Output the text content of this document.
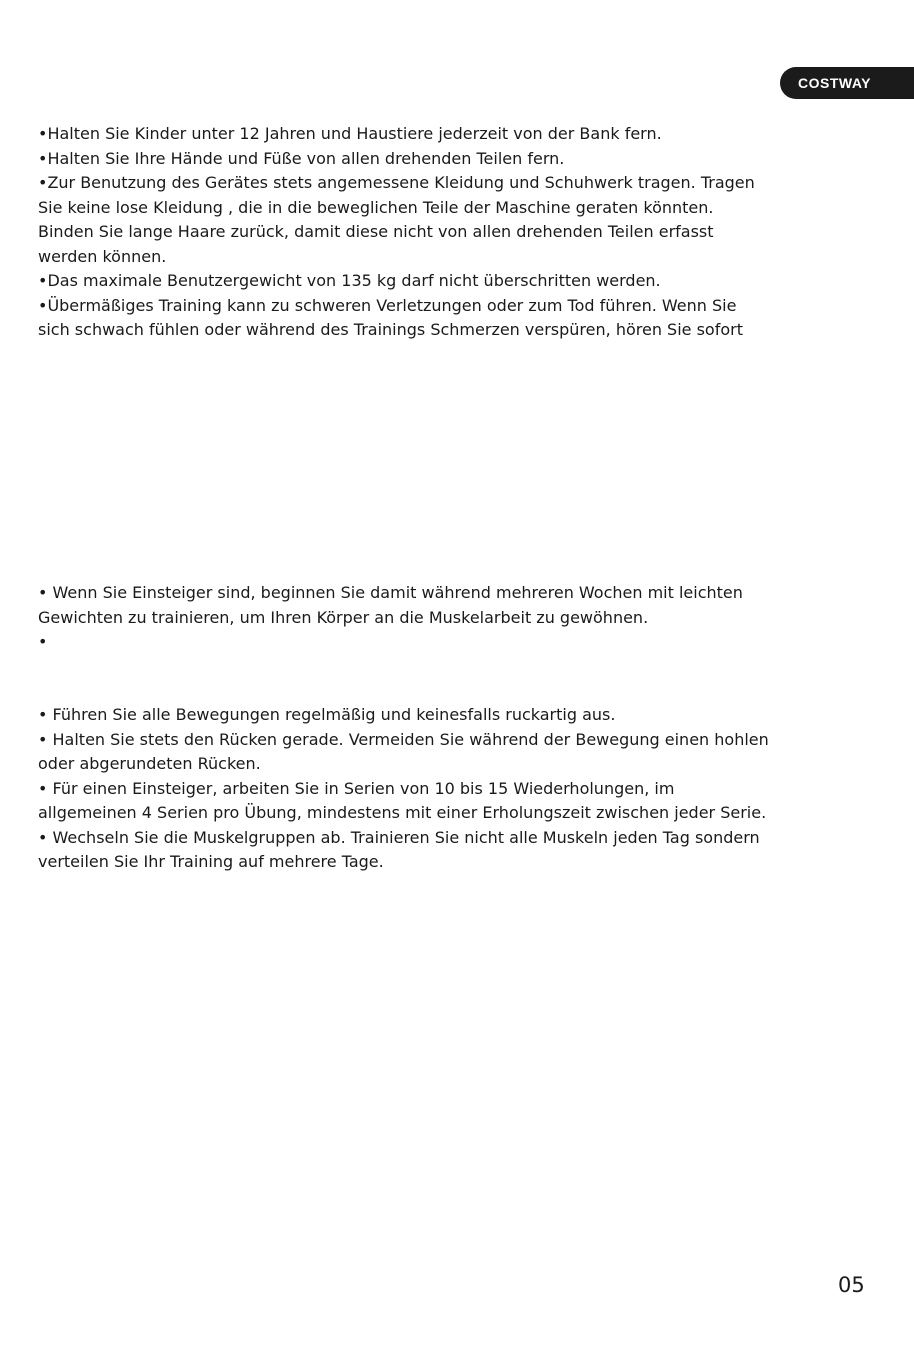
COSTWAY
•Halten Sie Kinder unter 12 Jahren und Haustiere jederzeit von der Bank fern.
•Halten Sie Ihre Hände und Füße von allen drehenden Teilen fern.
•Zur Benutzung des Gerätes stets angemessene Kleidung und Schuhwerk tragen. Tragen
Sie keine lose Kleidung , die in die beweglichen Teile der Maschine geraten könnten.
Binden Sie lange Haare zurück, damit diese nicht von allen drehenden Teilen erfasst
werden können.
•Das maximale Benutzergewicht von 135 kg darf nicht überschritten werden.
•Übermäßiges Training kann zu schweren Verletzungen oder zum Tod führen. Wenn Sie
sich schwach fühlen oder während des Trainings Schmerzen verspüren, hören Sie sofort
• Wenn Sie Einsteiger sind, beginnen Sie damit während mehreren Wochen mit leichten
Gewichten zu trainieren, um Ihren Körper an die Muskelarbeit zu gewöhnen.
•
• Führen Sie alle Bewegungen regelmäßig und keinesfalls ruckartig aus.
• Halten Sie stets den Rücken gerade. Vermeiden Sie während der Bewegung einen hohlen
oder abgerundeten Rücken.
• Für einen Einsteiger, arbeiten Sie in Serien von 10 bis 15 Wiederholungen, im
allgemeinen 4 Serien pro Übung, mindestens mit einer Erholungszeit zwischen jeder Serie.
• Wechseln Sie die Muskelgruppen ab. Trainieren Sie nicht alle Muskeln jeden Tag sondern
verteilen Sie Ihr Training auf mehrere Tage.
05
